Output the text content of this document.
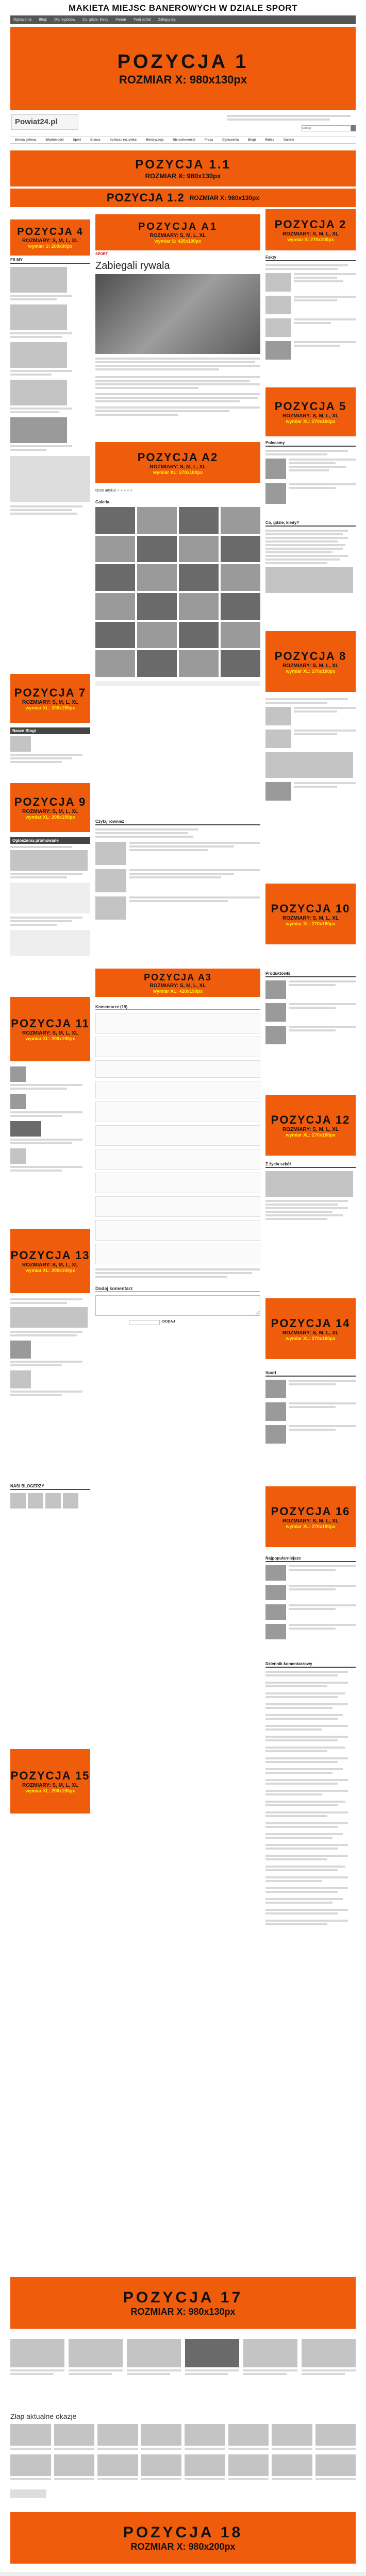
MAKIETA MIEJSC BANEROWYCH W DZIALE SPORT
Ogłoszenia Blogi Dla regionów Co, gdzie, kiedy Forum Twój portal Zaloguj się
POZYCJA 1
ROZMIAR X: 980x130px
Powiat24.pl
szukaj
Strona główna	Wiadomości	Sport	Biznes	Kultura i rozrywka	Motoryzacja	Nieruchomości	Praca	Ogłoszenia	Blogi	Wideo	Galerie
POZYCJA 1.1
ROZMIAR X: 980x130px
POZYCJA 1.2 ROZMIAR X: 980x130px
POZYCJA 4
ROZMIARY: S, M, L, XL
wymiar S: 200x90px
FILMY
POZYCJA 7
ROZMIARY: S, M, L, XL
wymiar XL: 200x190px
Nasze Blogi
POZYCJA 9
ROZMIARY: S, M, L, XL
wymiar XL: 200x190px
Ogłoszenia promowane
POZYCJA 11
ROZMIARY: S, M, L, XL
wymiar XL: 200x190px
POZYCJA 13
ROZMIARY: S, M, L, XL
wymiar XL: 200x190px
NASI BLOGERZY
POZYCJA 15
ROZMIARY: S, M, L, XL
wymiar XL: 200x190px
POZYCJA A1
ROZMIARY: S, M, L, XL
wymiar S: 420x100px
SPORT
Zabiegali rywala
POZYCJA A2
ROZMIARY: S, M, L, XL
wymiar XL: 270x180px
Ocen artykuł ★★★★★
Galeria
Czytaj również
POZYCJA A3
ROZMIARY: S, M, L, XL
wymiar XL: 420x190px
Komentarze (19)
Dodaj komentarz
DODAJ
POZYCJA 2
ROZMIARY: S, M, L, XL
wymiar S: 270x100px
Fakty
POZYCJA 5
ROZMIARY: S, M, L, XL
wymiar XL: 270x180px
Polecamy
Co, gdzie, kiedy?
POZYCJA 8
ROZMIARY: S, M, L, XL
wymiar XL: 270x180px
POZYCJA 10
ROZMIARY: S, M, L, XL
wymiar XL: 270x180px
Produktówki
POZYCJA 12
ROZMIARY: S, M, L, XL
wymiar XL: 270x180px
Z życia szkół
POZYCJA 14
ROZMIARY: S, M, L, XL
wymiar XL: 270x180px
Sport
POZYCJA 16
ROZMIARY: S, M, L, XL
wymiar XL: 270x180px
Najpopularniejsze
Dziennik komentarzowy
POZYCJA 17
ROZMIAR X: 980x130px
Złap aktualne okazje
POZYCJA 18
ROZMIAR X: 980x200px
